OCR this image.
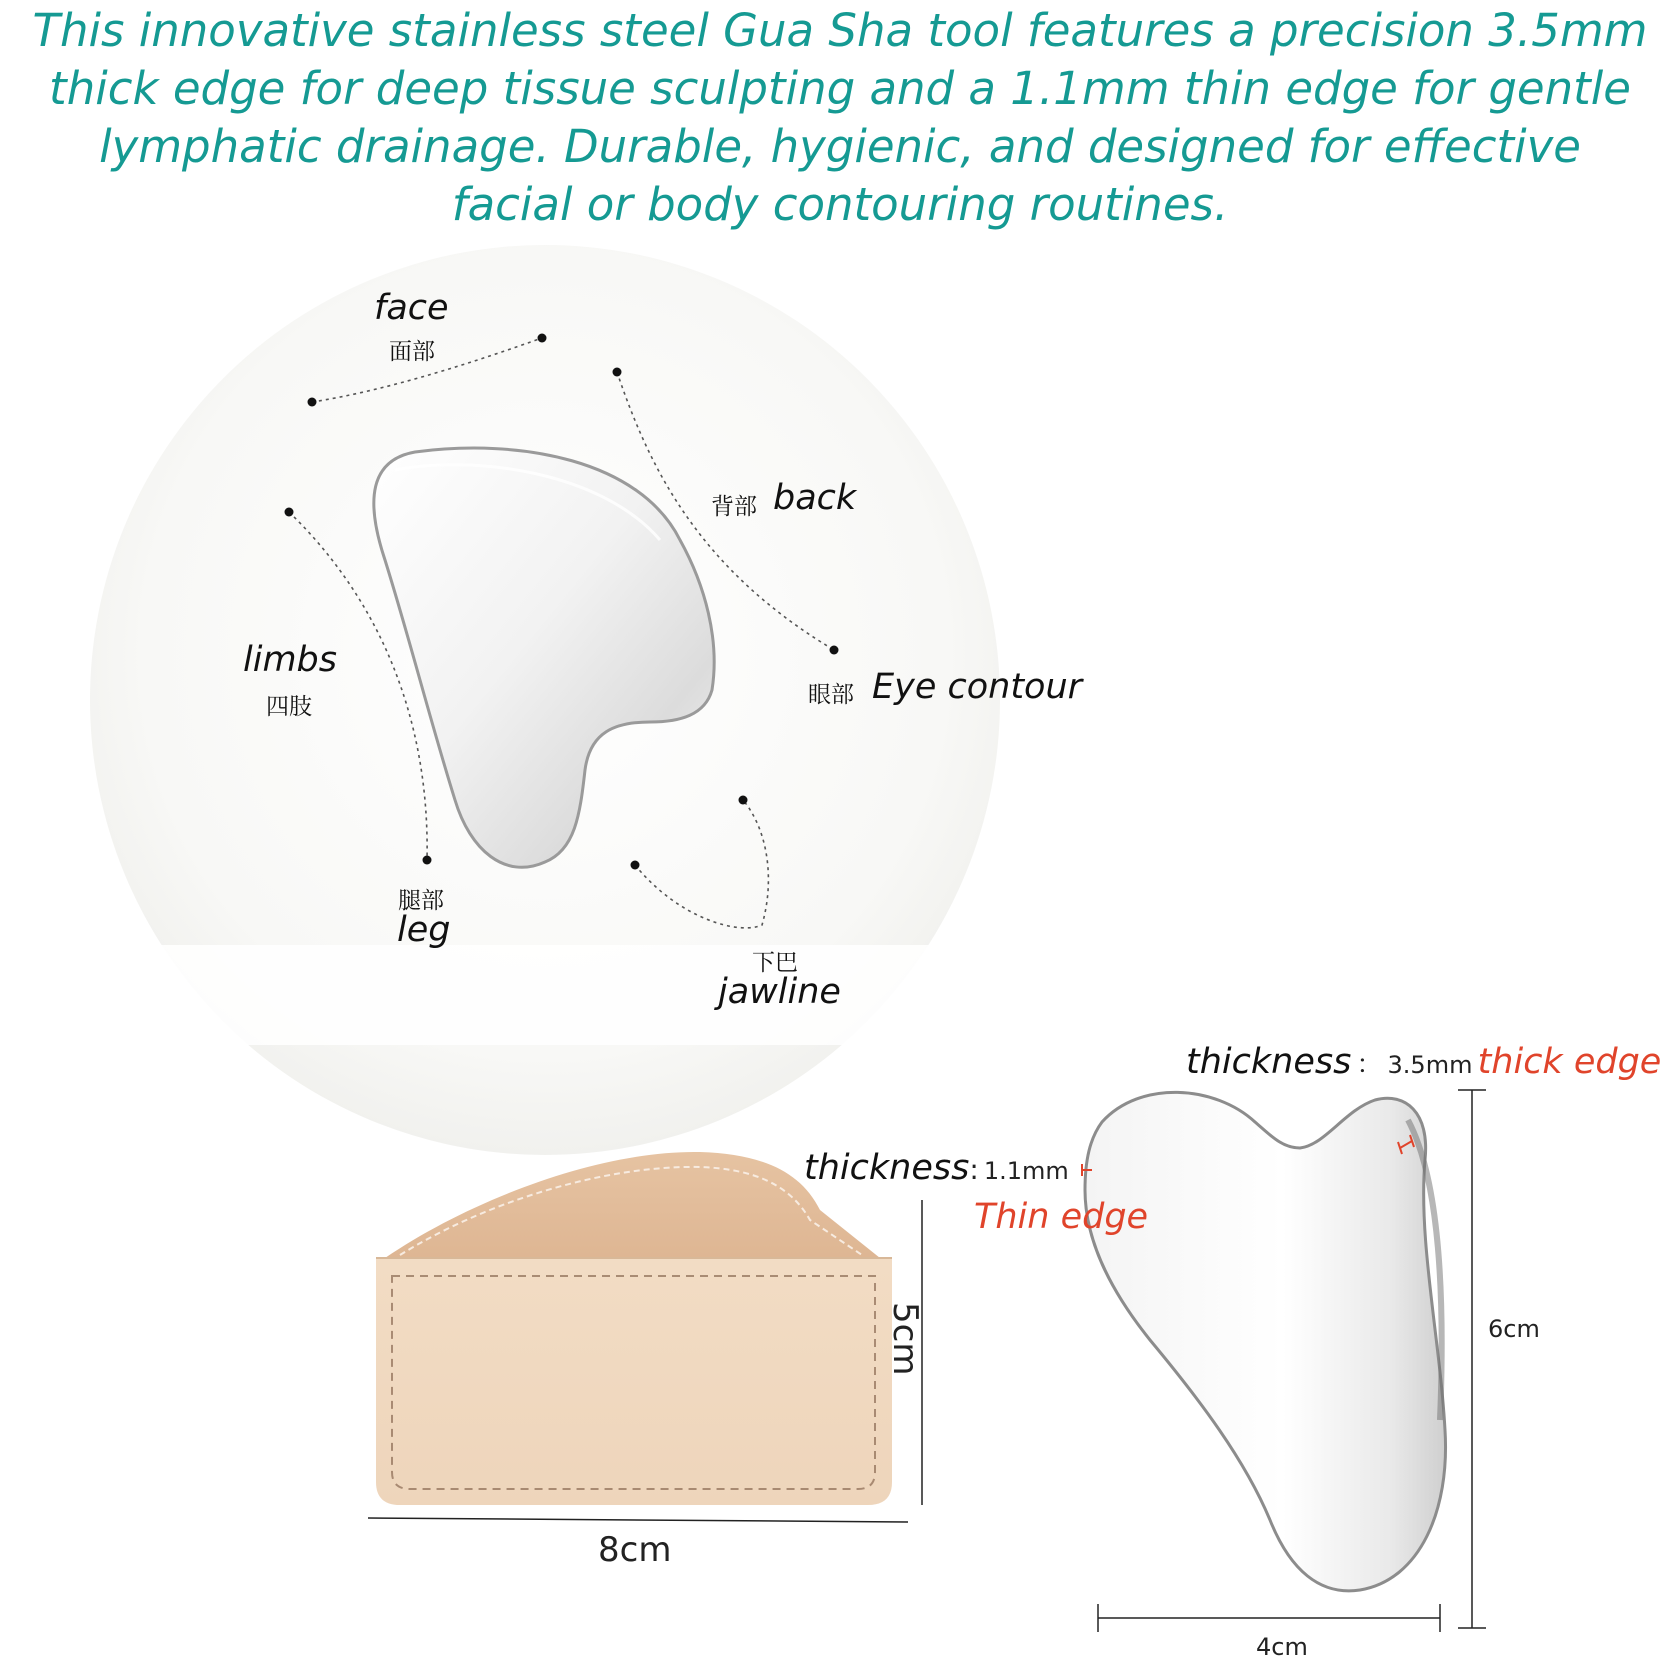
This innovative stainless steel Gua Sha tool features a precision 3.5mm
thick edge for deep tissue sculpting and a 1.1mm thin edge for gentle
lymphatic drainage. Durable, hygienic, and designed for effective
facial or body contouring routines.

face
面部
背部 back
limbs
四肢	眼部 Eye contour
腿部
leg
下巴
jawline
5cm
8cm
thickness ： 3.5mm thick edge
thickness: 1.1mm
Thin edge
6cm
4cm
